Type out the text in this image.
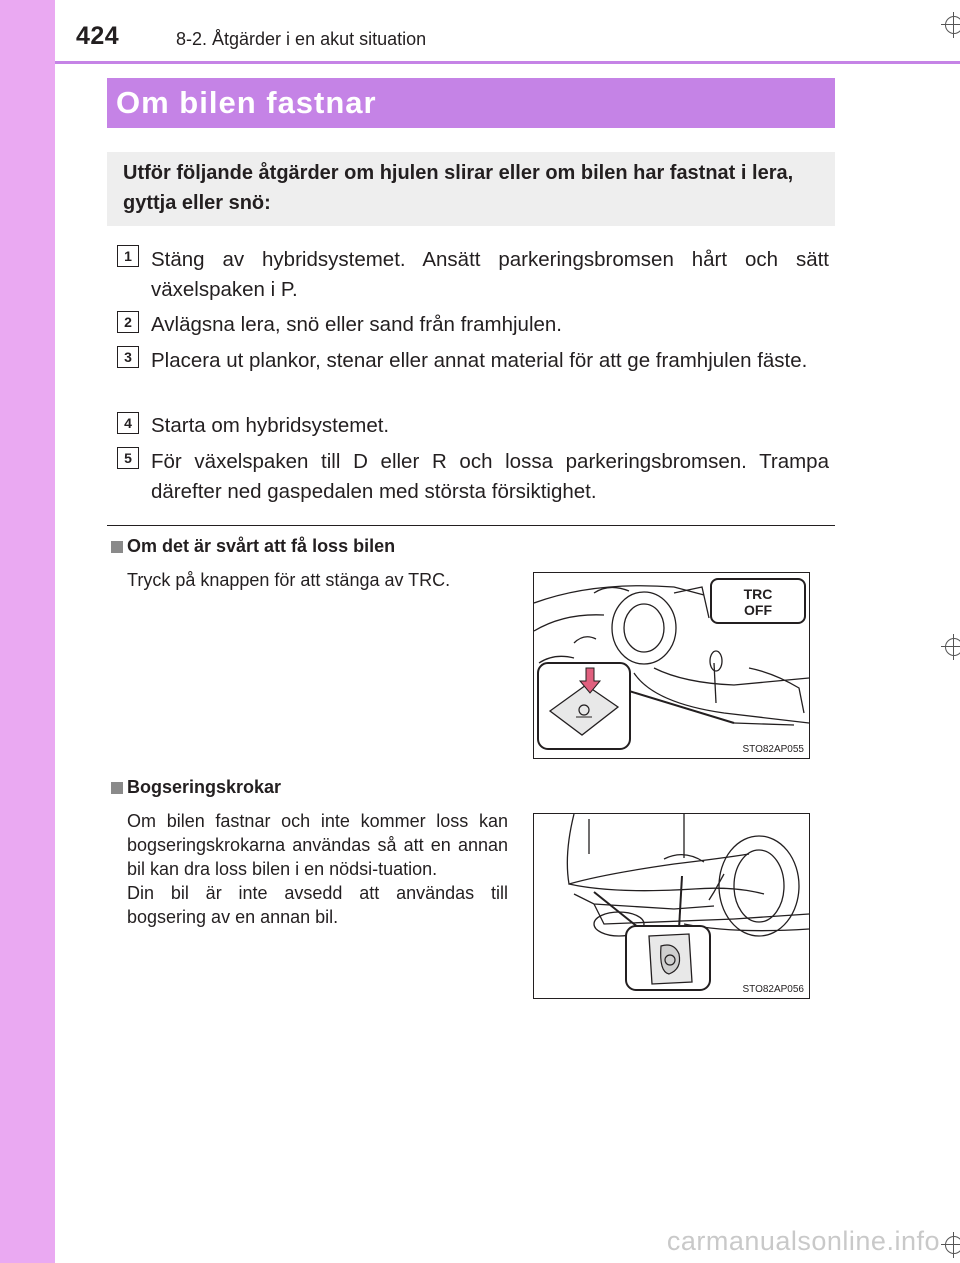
424	8-2. Åtgärder i en akut situation
Om bilen fastnar
Utför följande åtgärder om hjulen slirar eller om bilen har fastnat i lera, gyttja eller snö:
1 Stäng av hybridsystemet. Ansätt parkeringsbromsen hårt och sätt växelspaken i P.
2 Avlägsna lera, snö eller sand från framhjulen.
3 Placera ut plankor, stenar eller annat material för att ge framhjulen fäste.
4 Starta om hybridsystemet.
5 För växelspaken till D eller R och lossa parkeringsbromsen. Trampa därefter ned gaspedalen med största försiktighet.
Om det är svårt att få loss bilen
Tryck på knappen för att stänga av TRC.
STO82AP055
TRC
OFF
Bogseringskrokar
Om bilen fastnar och inte kommer loss kan bogseringskrokarna användas så att en annan bil kan dra loss bilen i en nödsi-tuation.
Din bil är inte avsedd att användas till bogsering av en annan bil.
STO82AP056
carmanualsonline.info
